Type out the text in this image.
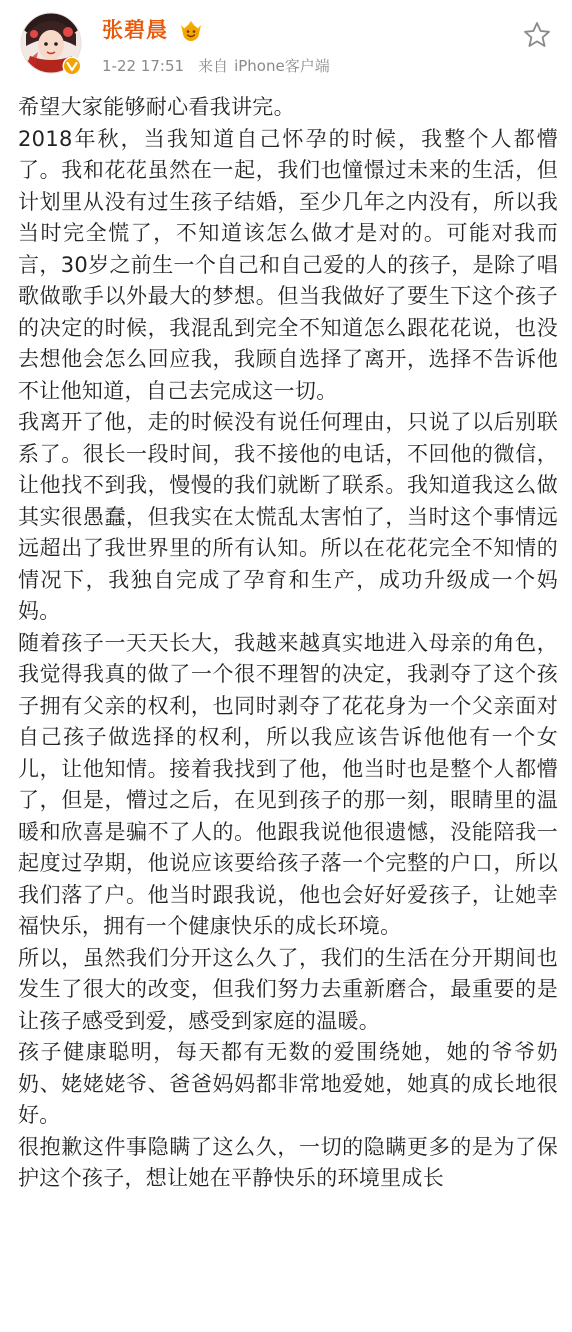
张碧晨
1-22 17:51 来自 iPhone客户端

希望大家能够耐心看我讲完。

2018年秋，当我知道自己怀孕的时候，我整个人都懵了。我和花花虽然在一起，我们也憧憬过未来的生活，但计划里从没有过生孩子结婚，至少几年之内没有，所以我当时完全慌了，不知道该怎么做才是对的。可能对我而言，30岁之前生一个自己和自己爱的人的孩子，是除了唱歌做歌手以外最大的梦想。但当我做好了要生下这个孩子的决定的时候，我混乱到完全不知道怎么跟花花说，也没去想他会怎么回应我，我顾自选择了离开，选择不告诉他不让他知道，自己去完成这一切。

我离开了他，走的时候没有说任何理由，只说了以后别联系了。很长一段时间，我不接他的电话，不回他的微信，让他找不到我，慢慢的我们就断了联系。我知道我这么做其实很愚蠢，但我实在太慌乱太害怕了，当时这个事情远远超出了我世界里的所有认知。所以在花花完全不知情的情况下，我独自完成了孕育和生产，成功升级成一个妈妈。

随着孩子一天天长大，我越来越真实地进入母亲的角色，我觉得我真的做了一个很不理智的决定，我剥夺了这个孩子拥有父亲的权利，也同时剥夺了花花身为一个父亲面对自己孩子做选择的权利，所以我应该告诉他他有一个女儿，让他知情。接着我找到了他，他当时也是整个人都懵了，但是，懵过之后，在见到孩子的那一刻，眼睛里的温暖和欣喜是骗不了人的。他跟我说他很遗憾，没能陪我一起度过孕期，他说应该要给孩子落一个完整的户口，所以我们落了户。他当时跟我说，他也会好好爱孩子，让她幸福快乐，拥有一个健康快乐的成长环境。

所以，虽然我们分开这么久了，我们的生活在分开期间也发生了很大的改变，但我们努力去重新磨合，最重要的是让孩子感受到爱，感受到家庭的温暖。

孩子健康聪明，每天都有无数的爱围绕她，她的爷爷奶奶、姥姥姥爷、爸爸妈妈都非常地爱她，她真的成长地很好。

很抱歉这件事隐瞒了这么久，一切的隐瞒更多的是为了保护这个孩子，想让她在平静快乐的环境里成长
